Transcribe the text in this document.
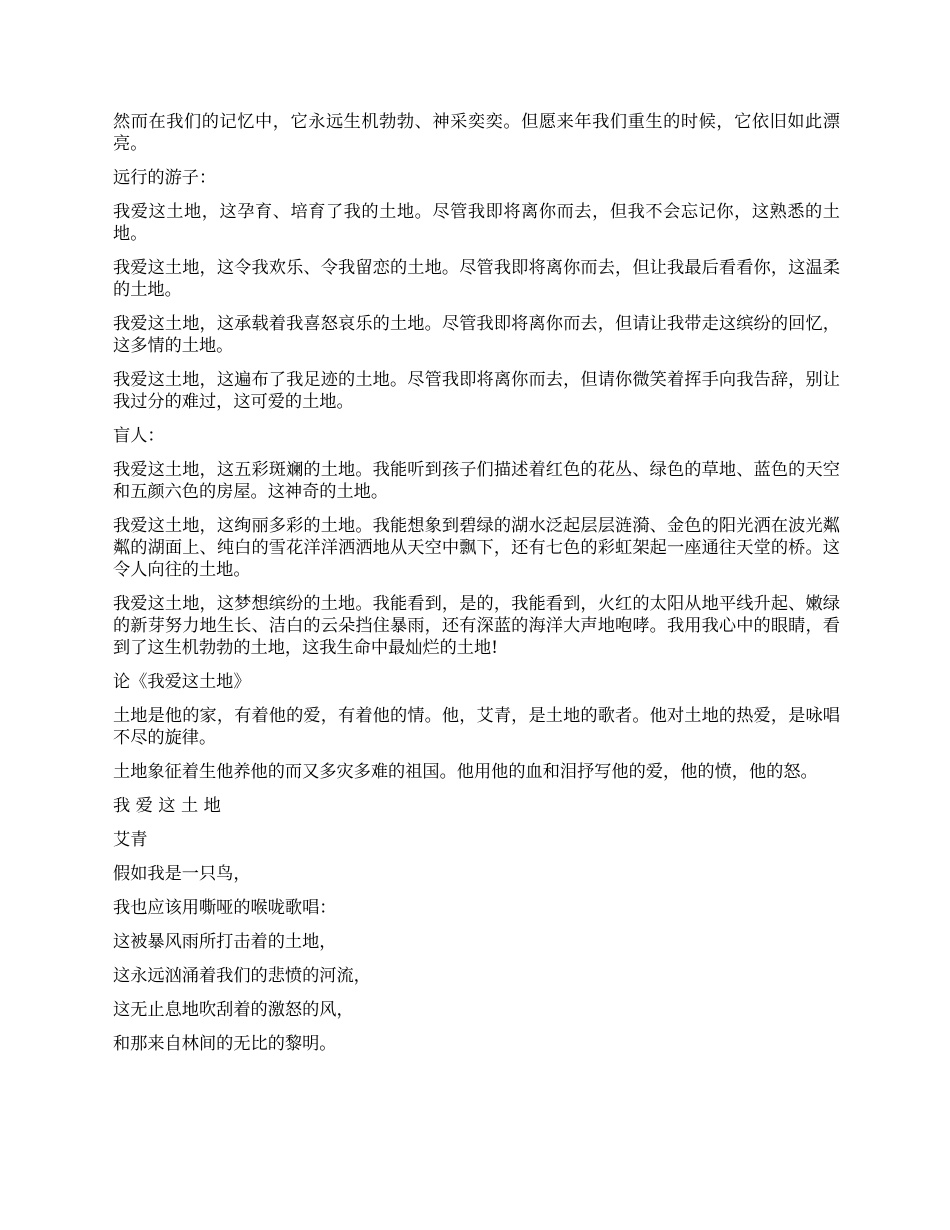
然而在我们的记忆中，它永远生机勃勃、神采奕奕。但愿来年我们重生的时候，它依旧如此漂亮。

远行的游子：

我爱这土地，这孕育、培育了我的土地。尽管我即将离你而去，但我不会忘记你，这熟悉的土地。

我爱这土地，这令我欢乐、令我留恋的土地。尽管我即将离你而去，但让我最后看看你，这温柔的土地。

我爱这土地，这承载着我喜怒哀乐的土地。尽管我即将离你而去，但请让我带走这缤纷的回忆，这多情的土地。

我爱这土地，这遍布了我足迹的土地。尽管我即将离你而去，但请你微笑着挥手向我告辞，别让我过分的难过，这可爱的土地。

盲人：

我爱这土地，这五彩斑斓的土地。我能听到孩子们描述着红色的花丛、绿色的草地、蓝色的天空和五颜六色的房屋。这神奇的土地。

我爱这土地，这绚丽多彩的土地。我能想象到碧绿的湖水泛起层层涟漪、金色的阳光洒在波光粼粼的湖面上、纯白的雪花洋洋洒洒地从天空中飘下，还有七色的彩虹架起一座通往天堂的桥。这令人向往的土地。

我爱这土地，这梦想缤纷的土地。我能看到，是的，我能看到，火红的太阳从地平线升起、嫩绿的新芽努力地生长、洁白的云朵挡住暴雨，还有深蓝的海洋大声地咆哮。我用我心中的眼睛，看到了这生机勃勃的土地，这我生命中最灿烂的土地!

论《我爱这土地》

土地是他的家，有着他的爱，有着他的情。他，艾青，是土地的歌者。他对土地的热爱，是咏唱不尽的旋律。

土地象征着生他养他的而又多灾多难的祖国。他用他的血和泪抒写他的爱，他的愤，他的怒。

我 爱 这 土 地

艾青

假如我是一只鸟，

我也应该用嘶哑的喉咙歌唱：

这被暴风雨所打击着的土地，

这永远汹涌着我们的悲愤的河流，

这无止息地吹刮着的激怒的风，

和那来自林间的无比的黎明。
